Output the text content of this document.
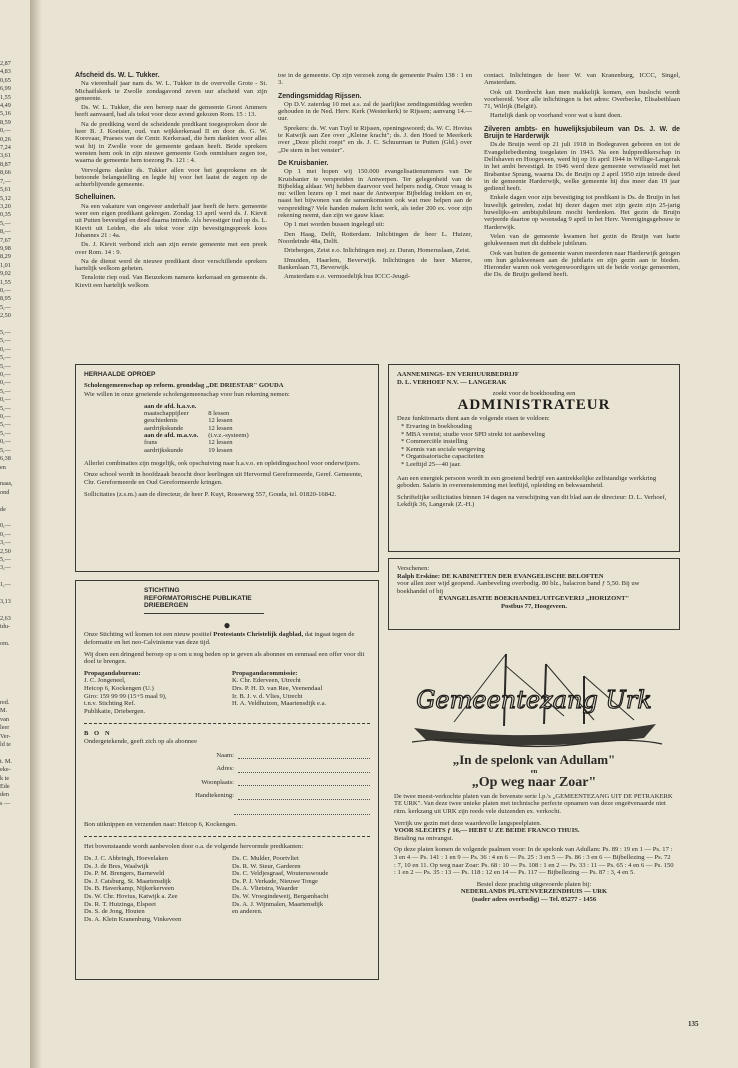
2,87
4,83
0,65
6,99
1,55
4,49
5,16
8,59
0,—
0,26
7,24
3,61
8,87
8,66
7,—
5,61
5,12
3,20
0,35
5,—
8,—
7,67
9,98
8,29
1,01
9,02
1,55
0,—
8,95
5,—
2,50

5,—
5,—
0,—
5,—
5,—
0,—
0,—
5,—
0,—
5,—
0,—
5,—
5,—
0,—
5,—
6,38
en

naas,
ond

de

0,—
0,—
3,—
2,50
5,—
3,—

1,—

3,13

2,63
tdu-

om.

red.
M.
van
leer
Ver-
ld te

t. M.
eke-
k te
Ede
den
s —
Afscheid ds. W. L. Tukker.

Na vierenhalf jaar nam ds. W. L. Tukker in de overvolle Grote - St. Michaëlskerk te Zwolle zondagavond zeven uur afscheid van zijn gemeente.

Ds. W. L. Tukker, die een beroep naar de gemeente Groot Ammers heeft aanvaard, had als tekst voor deze avond gekozen Rom. 15 : 13.

Na de prediking werd de scheidende predikant toegesproken door de heer B. J. Koetsier, oud. van wijkkerkeraad II en door ds. G. W. Korevaar, Praeses van de Centr. Kerkeraad, die hem dankten voor alles wat hij in Zwolle voor de gemeente gedaan heeft. Beide sprekers wensten hem ook in zijn nieuwe gemeente Gods onmisbare zegen toe, waarna de gemeente hem toezong Ps. 121 : 4.

Vervolgens dankte ds. Tukker allen voor het gesprokene en de betoonde belangstelling en legde hij voor het laatst de zegen op de achterblijvende gemeente.

Schelluinen.

Na een vakature van ongeveer anderhalf jaar heeft de herv. gemeente weer een eigen predikant gekregen. Zondag 13 april werd ds. J. Kievit uit Putten bevestigd en deed daarna intrede. Als bevestiger trad op ds. L. Kievit uit Leiden, die als tekst voor zijn bevestigingspreek koos Johannes 21 : 4a.

Ds. J. Kievit verbond zich aan zijn eerste gemeente met een preek over Rom. 14 : 9.

Na de dienst werd de nieuwe predikant door verschillende sprekers hartelijk welkom geheten.

Tenslotte riep oud. Van Beuzekom namens kerkeraad en gemeente ds. Kievit een hartelijk welkom

toe in de gemeente. Op zijn verzoek zong de gemeente Psalm 138 : 1 en 3.

Zendingsmiddag Rijssen.

Op D.V. zaterdag 10 mei a.s. zal de jaarlijkse zendingsmiddag worden gehouden in de Ned. Herv. Kerk (Westerkerk) te Rijssen; aanvang 14.— uur.

Sprekers: ds. W. van Tuyl te Rijssen, openingswoord; ds. W. C. Hovius te Katwijk aan Zee over „Kleine kracht"; ds. J. den Hoed te Meerkerk over „Deze plicht roept" en ds. J. C. Schuurman te Putten (Gld.) over „De stem in het venster".

De Kruisbanier.

Op 1 mei hopen wij 150.000 evangelisatienummers van De Kruisbanier te verspreiden in Antwerpen. Ter gelegenheid van de Bijbeldag aldaar. Wij hebben daarvoor veel helpers nodig. Onze vraag is nu: willen lezers op 1 mei naar de Antwerpse Bijbeldag trekken en er, naast het bijwonen van de samenkomsten ook wat mee helpen aan de verspreiding? Vele handen maken licht werk, als ieder 200 ex. voor zijn rekening neemt, dan zijn we gauw klaar.

Op 1 mei worden bussen ingelegd uit:

Den Haag, Delft, Rotterdam. Inlichtingen de heer L. Huizer, Noordeinde 48a, Delft.

Driebergen, Zeist e.o. Inlichtingen mej. zr. Duran, Homeruslaan, Zeist.

IJmuiden, Haarlem, Beverwijk. Inlichtingen de heer Marree, Bankenlaan 73, Beverwijk.

Amsterdam e.o. vermoedelijk bus ICCC-Jeugd-

contact. Inlichtingen de heer W. van Kranenburg, ICCC, Singel, Amsterdam.

Ook uit Dordrecht kan men makkelijk komen, een buslocht wordt voorbereid. Voor alle inlichtingen is het adres: Overbecke, Elisabethlaan 71, Wilrijk (België).

Hartelijk dank op voorhand voor wat u kunt doen.

Zilveren ambts- en huwelijksjubileum van Ds. J. W. de Bruijn te Harderwijk

Ds.de Bruijn werd op 21 juli 1918 in Bodegraven geboren en tot de Evangeliebediening toegelaten in 1943. Na een hulppredikerschap in Delfshaven en Hoogeveen, werd hij op 16 april 1944 in Willige-Langerak in het ambt bevestigd. In 1946 werd deze gemeente verwisseld met het Brabantse Sprang, waarna Ds. de Bruijn op 2 april 1950 zijn intrede deed in de gemeente Harderwijk, welke gemeente hij dus meer dan 19 jaar gediend heeft.

Enkele dagen voor zijn bevestiging tot predikant is Ds. de Bruijn in het huwelijk getreden, zodat hij dezer dagen met zijn gezin zijn 25-jarig huwelijks-en ambtsjubileum mocht herdenken. Het gezin de Bruijn verjeerde daartoe op woensdag 9 april in het Herv. Verenigingsgebouw te Harderwijk.

Velen van de gemeente kwamen het gezin de Bruijn van harte gelukwensen met dit dubbele jubileum.

Ook van buiten de gemeente waren meerderen naar Harderwijk getogen om hun gelukwensen aan de jubilaris en zijn gezin aan te bieden. Hieronder waren ook vertegenwoordigers uit de beide vorige gemeenten, die Ds. de Bruijn gediend heeft.

HERHAALDE OPROEP
Scholengemeenschap op reform. grondslag „DE DRIESTAR" GOUDA

Wie willen in onze groeiende scholengemeenschap voor hun rekening nemen:

aan de afd. h.a.v.o.	
maatschappijleer	8 lessen
geschiedenis	12 lessen
aardrijkskunde	12 lessen
aan de afd. m.a.v.o.	(i.v.z.-systeem)
frans	12 lessen
aardrijkskunde	19 lessen

Allerlei combinaties zijn mogelijk, ook opschuiving naar h.a.v.o. en opleidingsschool voor onderwijzers.

Onze school wordt in hoofdzaak bezocht door leerlingen uit Hervormd Gereformeerde, Geref. Gemeente, Chr. Gereformeerde en Oud Gereformeerde kringen.

Sollicitaties (z.s.m.) aan de directeur, de heer P. Kuyt, Rosseweg 557, Gouda, tel. 01820-16842.

STICHTING
REFORMATORISCHE PUBLIKATIE
DRIEBERGEN
●

Onze Stichting wil komen tot een nieuw positief Protestants Christelijk dagblad, dat ingaat tegen de deformatie en het neo-Calvinisme van deze tijd.

Wij doen een dringend beroep op u om u nog heden op te geven als abonnee en eenmaal een offer voor dit doel te brengen.

Propagandabureau:
J. C. Jongeneel,
Heicop 6, Kockengen (U.)
Giro: 159 99 99 (15+5 maal 9),
t.n.v. Stichting Ref.
Publikatie, Driebergen.
Propagandacommissie:
K. Chr. Ederveen, Utrecht
Drs. P. H. D. van Ree, Veenendaal
Ir. B. J. v. d. Vlies, Utrecht
H. A. Veldhuizen, Maartensdijk e.a.
B O N
Ondergetekende, geeft zich op als abonnee
Naam:
Adres:
Woonplaats:
Handtekening:
Bon uitknippen en verzenden naar: Heicop 6, Kockengen.

Het bovenstaande wordt aanbevolen door o.a. de volgende hervormde predikanten:

Ds. J. C. Abbringh, Hoevelaken
Ds. J. de Bres, Waalwijk
Ds. P. M. Brengers, Barneveld
Ds. J. Catsburg, St. Maartensdijk
Ds. B. Haverkamp, Nijkerkerveen
Ds. W. Chr. Hovius, Katwijk a. Zee
Ds. R. T. Huizinga, Elspeet
Ds. S. de Jong, Houten
Ds. A. Klein Kranenburg, Vinkeveen
Ds. C. Mulder, Poortvliet
Ds. R. W. Steur, Garderen
Ds. C. Veldjesgraaf, Woutersswoude
Ds. P. J. Verkade, Nieuwe Tonge
Ds. A. Vlietstra, Waarder
Ds. W. Vroegindeweij, Bergambacht
Ds. A. J. Wijnmalen, Maartensdijk
en anderen.
AANNEMINGS- EN VERHUURBEDRIJF
D. L. VERHOEF N.V. — LANGERAK
zoekt voor de boekhouding een
ADMINISTRATEUR
Deze funktionaris dient aan de volgende eisen te voldoen:
* Ervaring in boekhouding
* MBA vereist; studie voor SPD strekt tot aanbeveling
* Commerciële instelling
* Kennis van sociale wetgeving
* Organisatorische capaciteiten
* Leeftijd 25—40 jaar.

Aan een energiek persoon wordt in een groeiend bedrijf een aantrekkelijke zelfstandige werkkring geboden. Salaris in overeenstemming met leeftijd, opleiding en bekwaamheid.

Schriftelijke sollicitaties binnen 14 dagen na verschijning van dit blad aan de directeur: D. L. Verhoef, Lekdijk 36, Langerak (Z.-H.)

Verschenen:
Ralph Erskine: DE KABINETTEN DER EVANGELISCHE BELOFTEN
voor allen zeer wijd geopend. Aanbeveling overbodig. 80 blz., balacron band ƒ 5,50. Bij uw boekhandel of bij
EVANGELISATIE BOEKHANDEL/UITGEVERIJ „HORIZONT"
Postbus 77, Hoogeveen.
Gemeentezang Urk
„In de spelonk van Adullam"
en
„Op weg naar Zoar"

De twee meest-verkochte platen van de bovenste serie l.p.'s „GEMEENTEZANG UIT DE PETRAKERK TE URK". Van deze twee unieke platen met technische perfecte opnamen van deze ongeëvenaarde niet ritm. kerkzang uit URK zijn reeds vele duizenden ex. verkocht.

Verrijk uw gezin met deze waardevolle langspeelplaten.
VOOR SLECHTS ƒ 16,— HEBT U ZE BEIDE FRANCO THUIS.
Betaling na ontvangst.

Op deze platen komen de volgende psalmen voor: In de spelonk van Adullam: Ps. 89 : 19 en 1 — Ps. 17 : 3 en 4 — Ps. 141 : 1 en 9 — Ps. 36 : 4 en 6 — Ps. 25 : 3 en 5 — Ps. 86 : 3 en 6 — Bijbellezing — Ps. 72 : 7, 10 en 11. Op weg naar Zoar: Ps. 68 : 10 — Ps. 108 : 1 en 2 — Ps. 33 : 11 — Ps. 65 : 4 en 6 — Ps. 150 : 1 en 2 — Ps. 35 : 13 — Ps. 118 : 12 en 14 — Ps. 117 — Bijbellezing — Ps. 87 : 3, 4 en 5.

Bestel deze prachtig uitgevoerde platen bij:
NEDERLANDS PLATENVERZENDHUIS — URK
(nader adres overbodig) — Tel. 05277 - 1456
135
